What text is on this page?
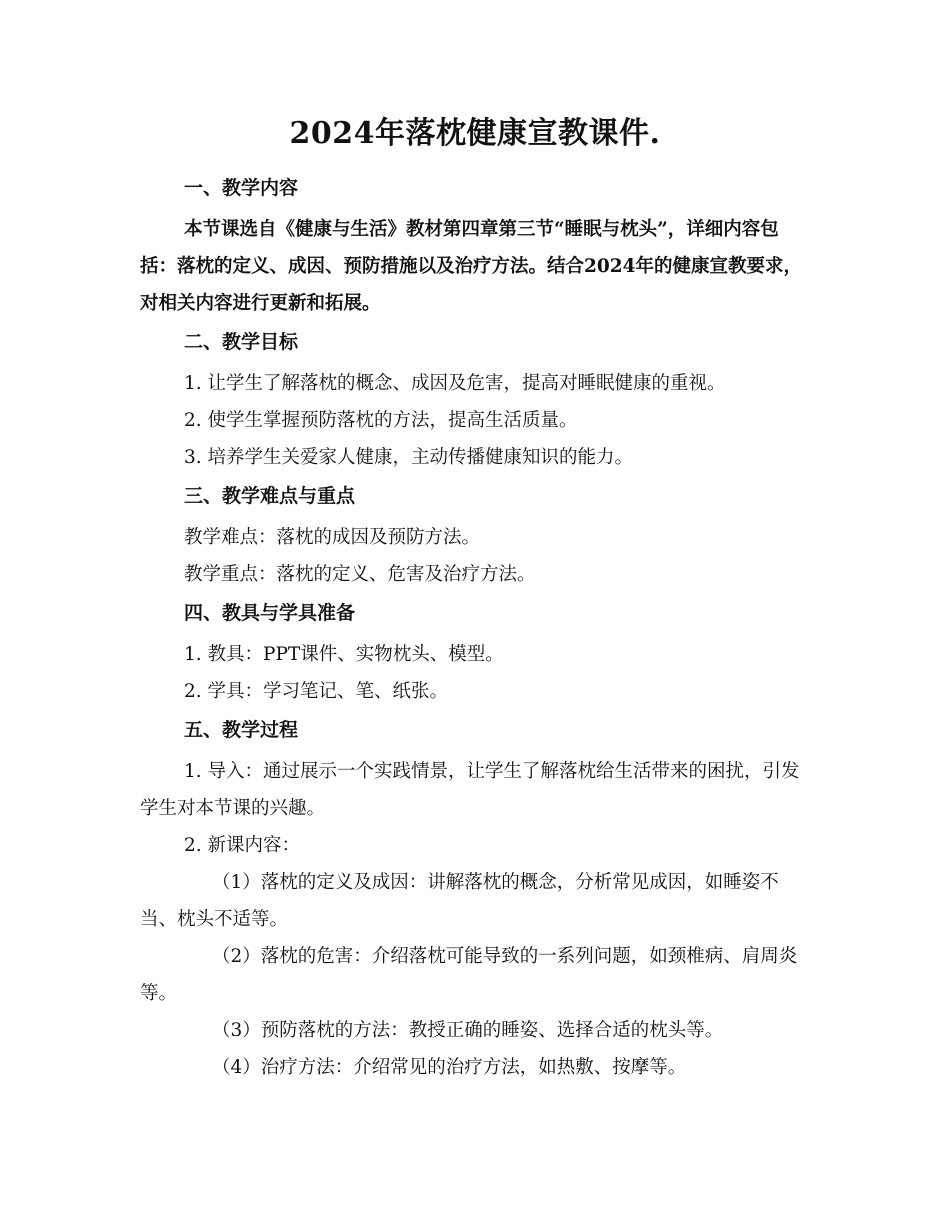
2024年落枕健康宣教课件.
一、教学内容

本节课选自《健康与生活》教材第四章第三节“睡眠与枕头”，详细内容包括：落枕的定义、成因、预防措施以及治疗方法。结合2024年的健康宣教要求，对相关内容进行更新和拓展。

二、教学目标

1. 让学生了解落枕的概念、成因及危害，提高对睡眠健康的重视。

2. 使学生掌握预防落枕的方法，提高生活质量。

3. 培养学生关爱家人健康，主动传播健康知识的能力。

三、教学难点与重点

教学难点：落枕的成因及预防方法。

教学重点：落枕的定义、危害及治疗方法。

四、教具与学具准备

1. 教具：PPT课件、实物枕头、模型。

2. 学具：学习笔记、笔、纸张。

五、教学过程

1. 导入：通过展示一个实践情景，让学生了解落枕给生活带来的困扰，引发学生对本节课的兴趣。

2. 新课内容：

（1）落枕的定义及成因：讲解落枕的概念，分析常见成因，如睡姿不当、枕头不适等。

（2）落枕的危害：介绍落枕可能导致的一系列问题，如颈椎病、肩周炎等。

（3）预防落枕的方法：教授正确的睡姿、选择合适的枕头等。

（4）治疗方法：介绍常见的治疗方法，如热敷、按摩等。
